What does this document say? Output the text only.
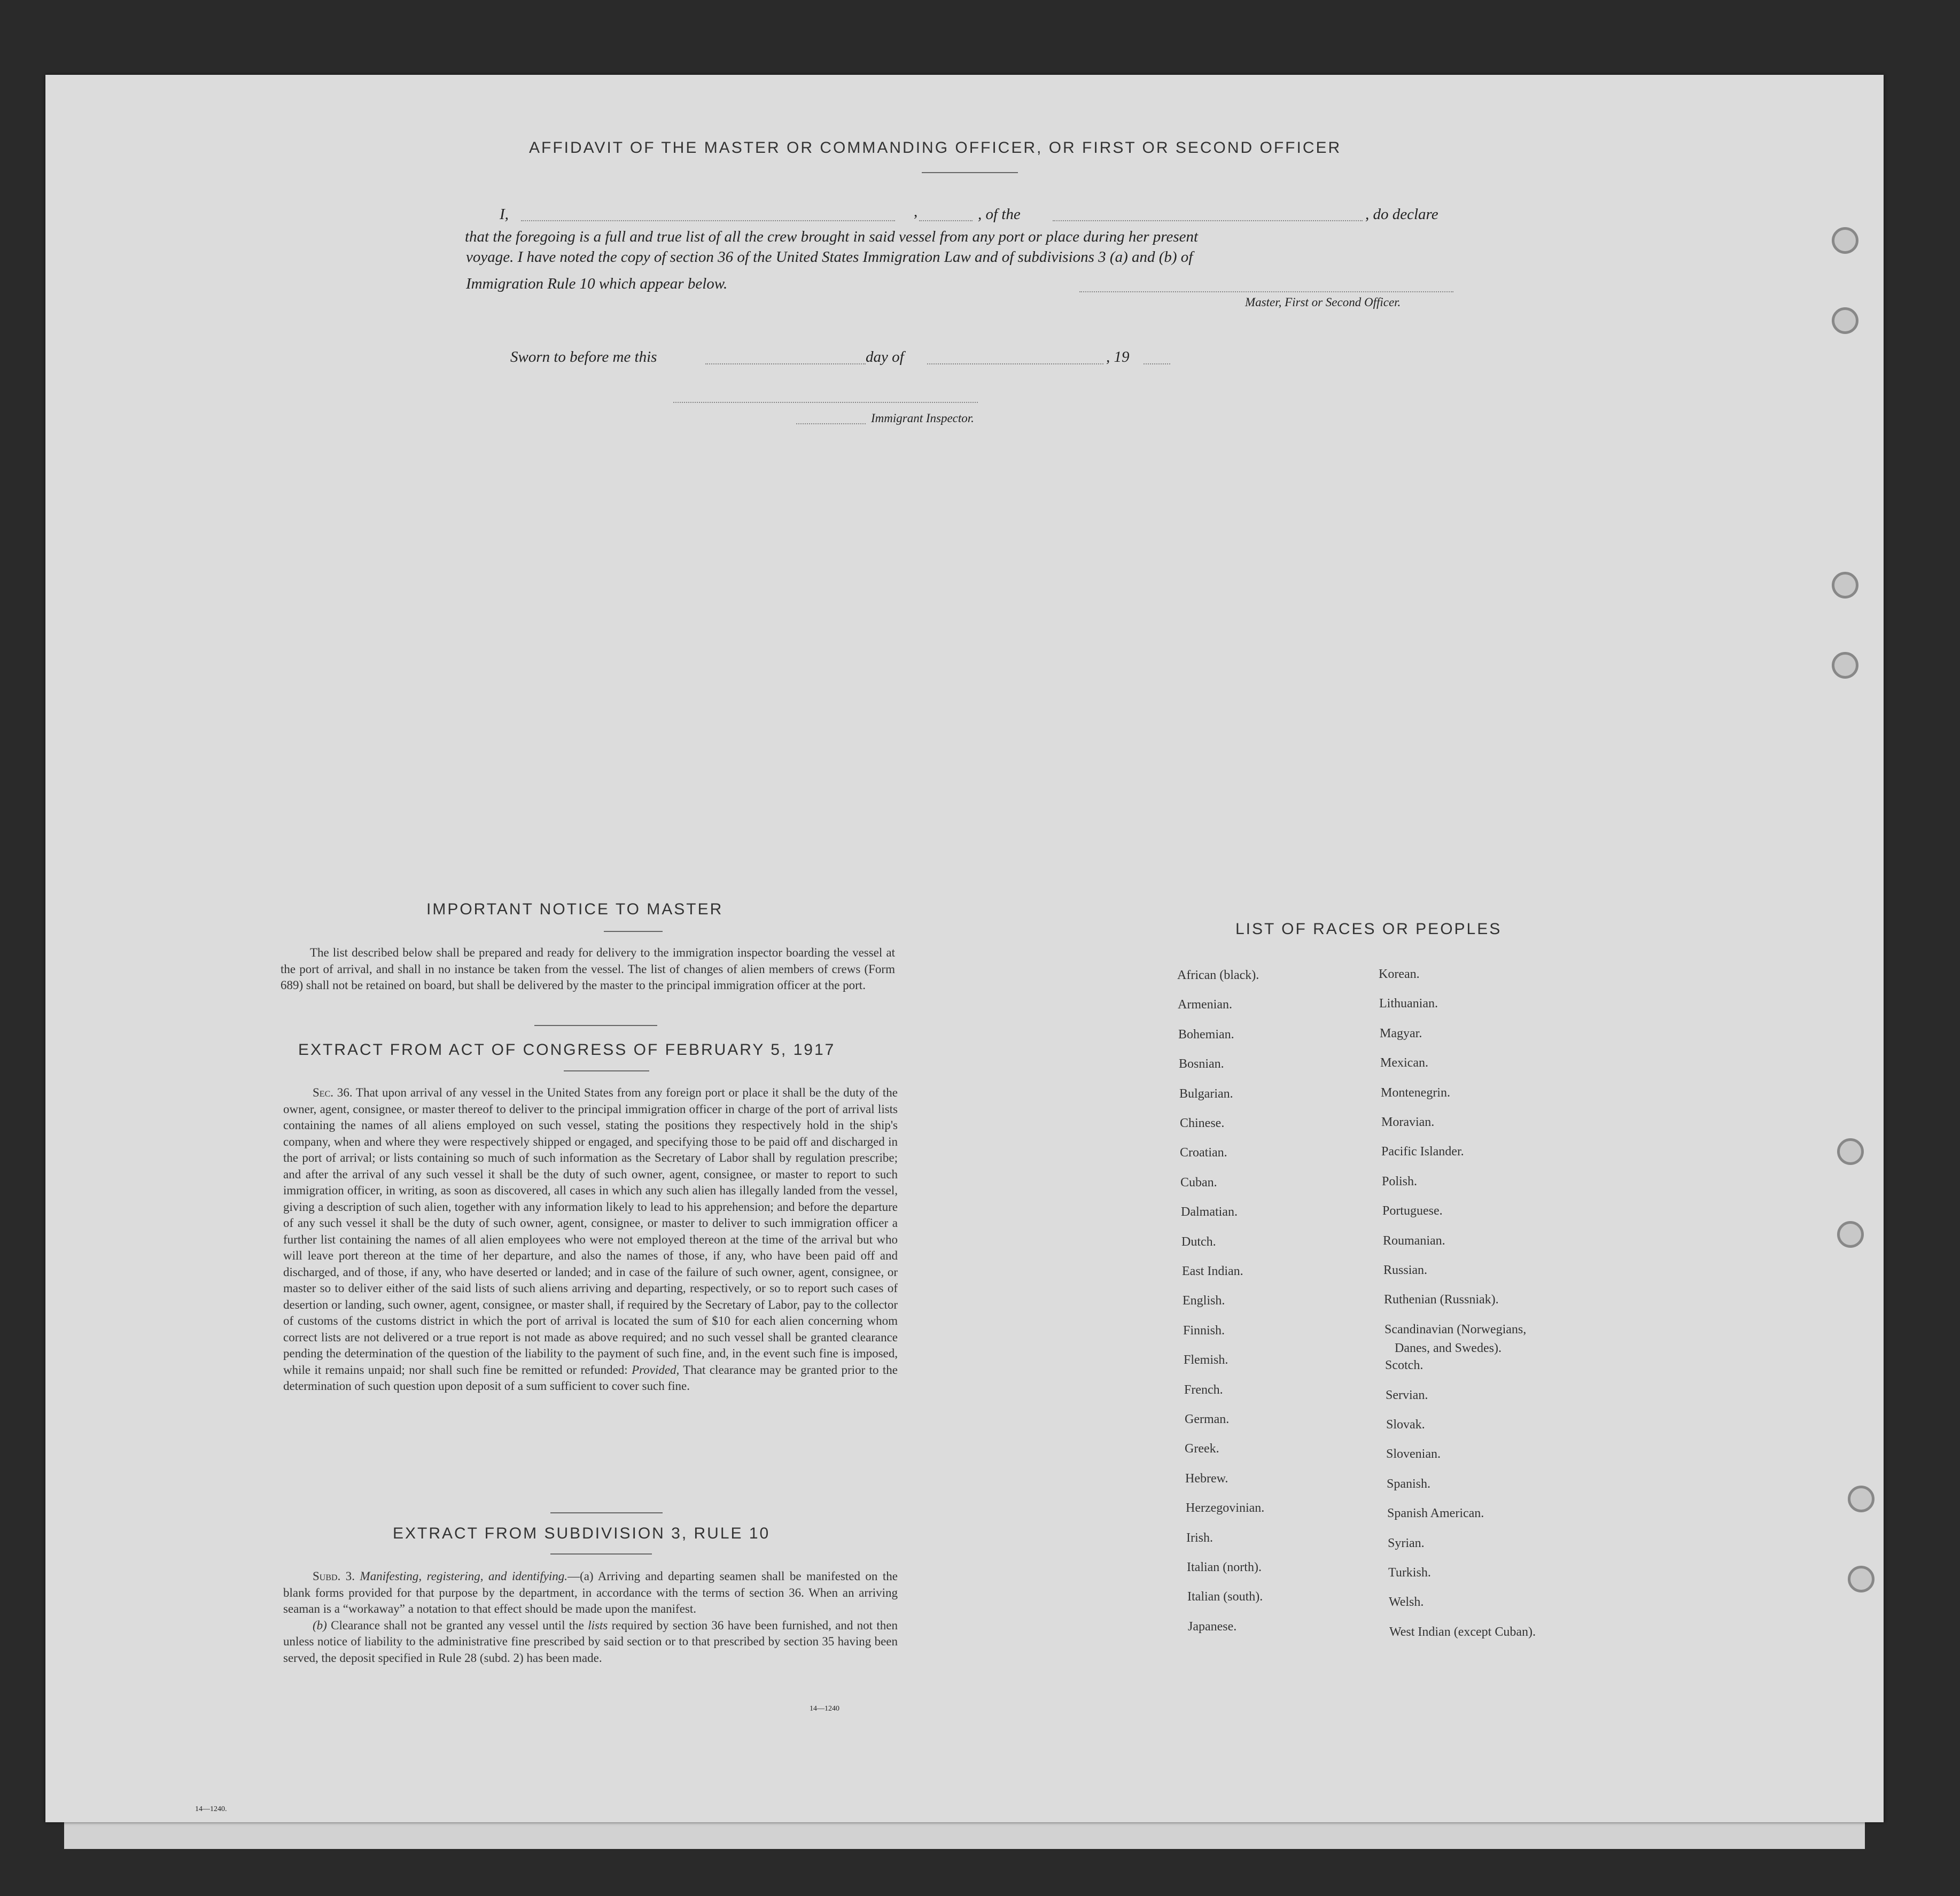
AFFIDAVIT OF THE MASTER OR COMMANDING OFFICER, OR FIRST OR SECOND OFFICER
I,	,	, of the	, do declare
that the foregoing is a full and true list of all the crew brought in said vessel from any port or place during her present
voyage. I have noted the copy of section 36 of the United States Immigration Law and of subdivisions 3 (a) and (b) of
Immigration Rule 10 which appear below.
Master, First or Second Officer.
Sworn to before me this	day of	, 19
Immigrant Inspector.
IMPORTANT NOTICE TO MASTER
The list described below shall be prepared and ready for delivery to the immigration inspector boarding the vessel at the port of arrival, and shall in no instance be taken from the vessel. The list of changes of alien members of crews (Form 689) shall not be retained on board, but shall be delivered by the master to the principal immigration officer at the port.
EXTRACT FROM ACT OF CONGRESS OF FEBRUARY 5, 1917

Sec. 36. That upon arrival of any vessel in the United States from any foreign port or place it shall be the duty of the owner, agent, consignee, or master thereof to deliver to the principal immigration officer in charge of the port of arrival lists containing the names of all aliens employed on such vessel, stating the positions they respectively hold in the ship's company, when and where they were respectively shipped or engaged, and specifying those to be paid off and discharged in the port of arrival; or lists containing so much of such information as the Secretary of Labor shall by regulation prescribe; and after the arrival of any such vessel it shall be the duty of such owner, agent, consignee, or master to report to such immigration officer, in writing, as soon as discovered, all cases in which any such alien has illegally landed from the vessel, giving a description of such alien, together with any information likely to lead to his apprehension; and before the departure of any such vessel it shall be the duty of such owner, agent, consignee, or master to deliver to such immigration officer a further list containing the names of all alien employees who were not employed thereon at the time of the arrival but who will leave port thereon at the time of her departure, and also the names of those, if any, who have been paid off and discharged, and of those, if any, who have deserted or landed; and in case of the failure of such owner, agent, consignee, or master so to deliver either of the said lists of such aliens arriving and departing, respectively, or so to report such cases of desertion or landing, such owner, agent, consignee, or master shall, if required by the Secretary of Labor, pay to the collector of customs of the customs district in which the port of arrival is located the sum of $10 for each alien concerning whom correct lists are not delivered or a true report is not made as above required; and no such vessel shall be granted clearance pending the determination of the question of the liability to the payment of such fine, and, in the event such fine is imposed, while it remains unpaid; nor shall such fine be remitted or refunded: Provided, That clearance may be granted prior to the determination of such question upon deposit of a sum sufficient to cover such fine.

EXTRACT FROM SUBDIVISION 3, RULE 10

Subd. 3. Manifesting, registering, and identifying.—(a) Arriving and departing seamen shall be manifested on the blank forms provided for that purpose by the department, in accordance with the terms of section 36. When an arriving seaman is a “workaway” a notation to that effect should be made upon the manifest.

(b) Clearance shall not be granted any vessel until the lists required by section 36 have been furnished, and not then unless notice of liability to the administrative fine prescribed by said section or to that prescribed by section 35 having been served, the deposit specified in Rule 28 (subd. 2) has been made.

14—1240
LIST OF RACES OR PEOPLES
African (black).
Armenian.
Bohemian.
Bosnian.
Bulgarian.
Chinese.
Croatian.
Cuban.
Dalmatian.
Dutch.
East Indian.
English.
Finnish.
Flemish.
French.
German.
Greek.
Hebrew.
Herzegovinian.
Irish.
Italian (north).
Italian (south).
Japanese.
Korean.
Lithuanian.
Magyar.
Mexican.
Montenegrin.
Moravian.
Pacific Islander.
Polish.
Portuguese.
Roumanian.
Russian.
Ruthenian (Russniak).
Scandinavian (Norwegians,
Scotch.
Servian.
Slovak.
Slovenian.
Spanish.
Spanish American.
Syrian.
Turkish.
Welsh.
West Indian (except Cuban).
Danes, and Swedes).
14—1240.
